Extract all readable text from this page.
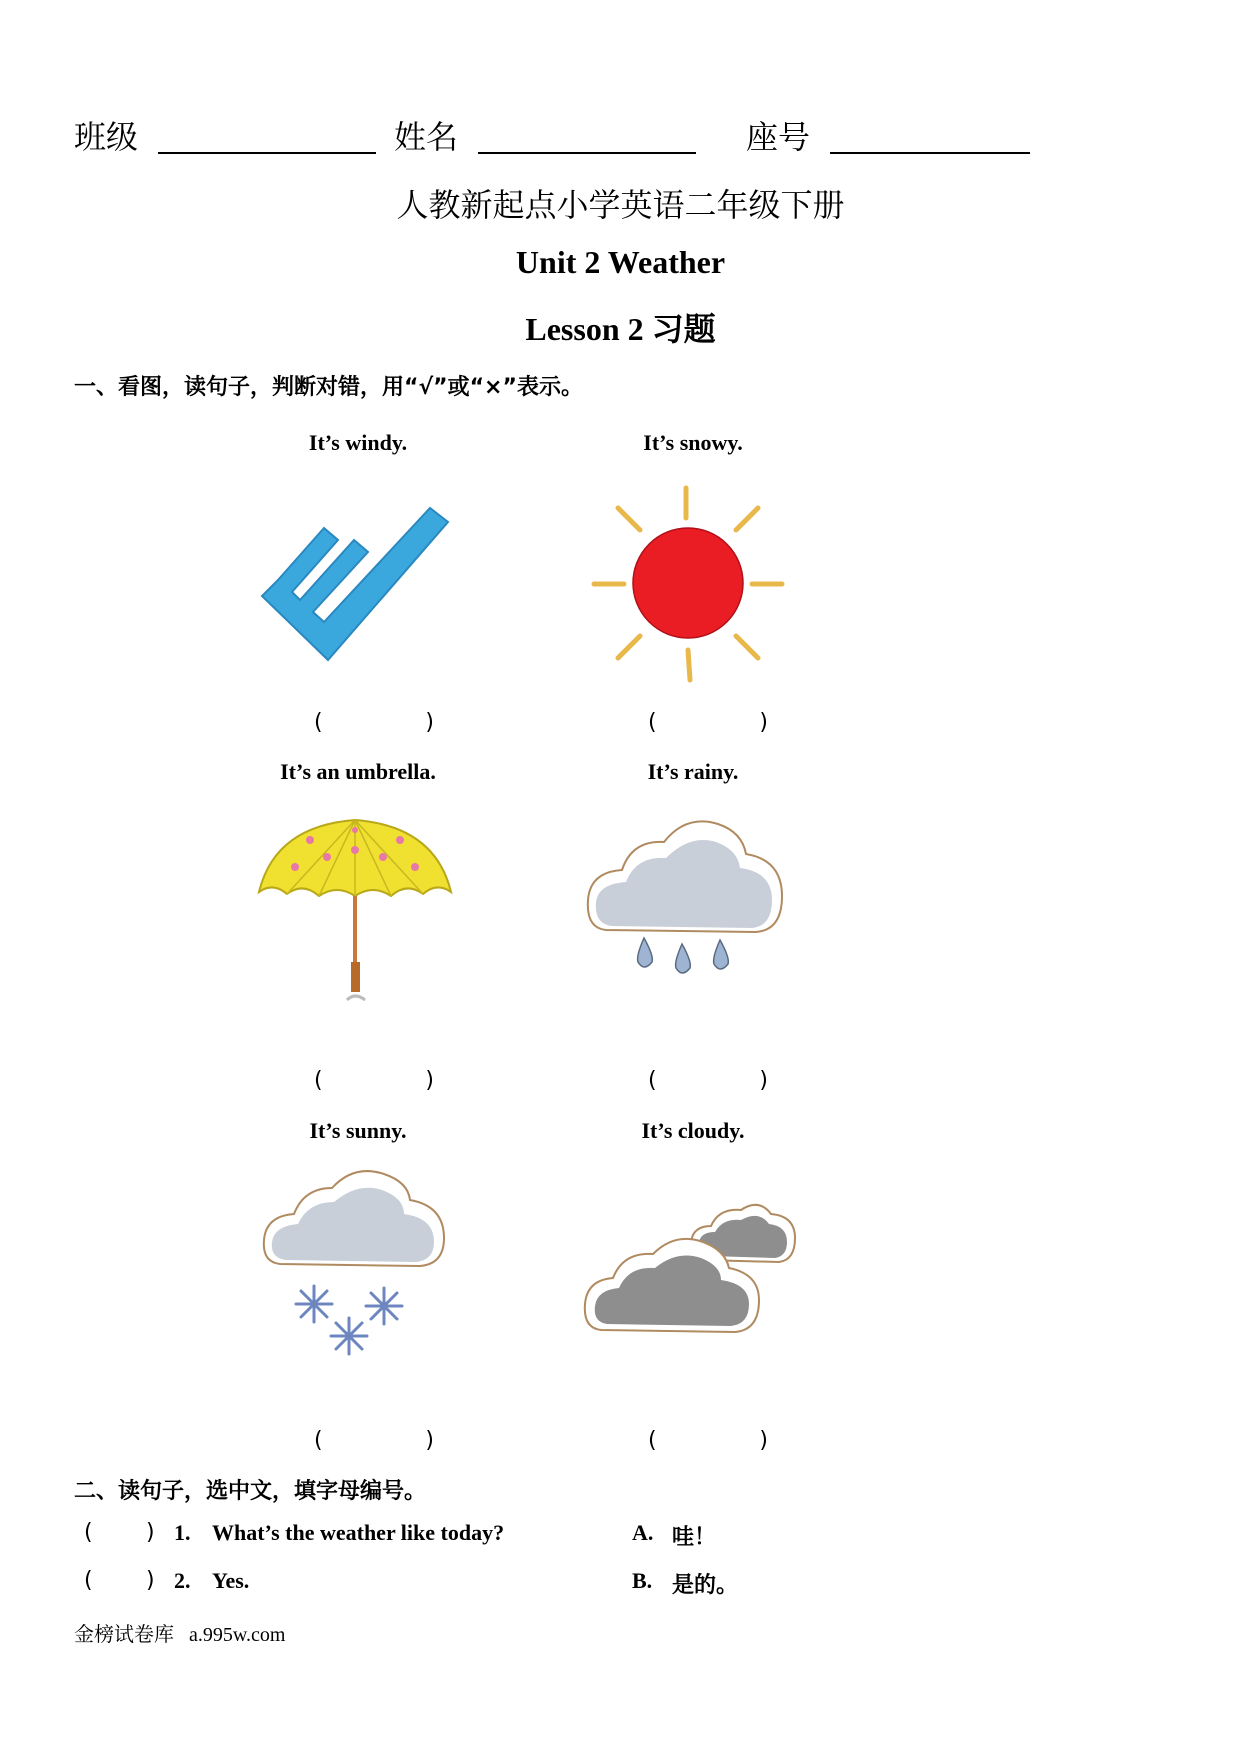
班级	姓名	座号
人教新起点小学英语二年级下册
Unit 2 Weather
Lesson 2 习题
一、看图，读句子，判断对错，用“√”或“×”表示。
It’s windy.
(	)
It’s snowy.
(	)
It’s an umbrella.
(	)
It’s rainy.
(	)
It’s sunny.
(	)
It’s cloudy.
(	)
二、读句子，选中文，填字母编号。
( ) 1. What’s the weather like today?	A. 哇！
( ) 2. Yes.	B. 是的。
金榜试卷库 a.995w.com
